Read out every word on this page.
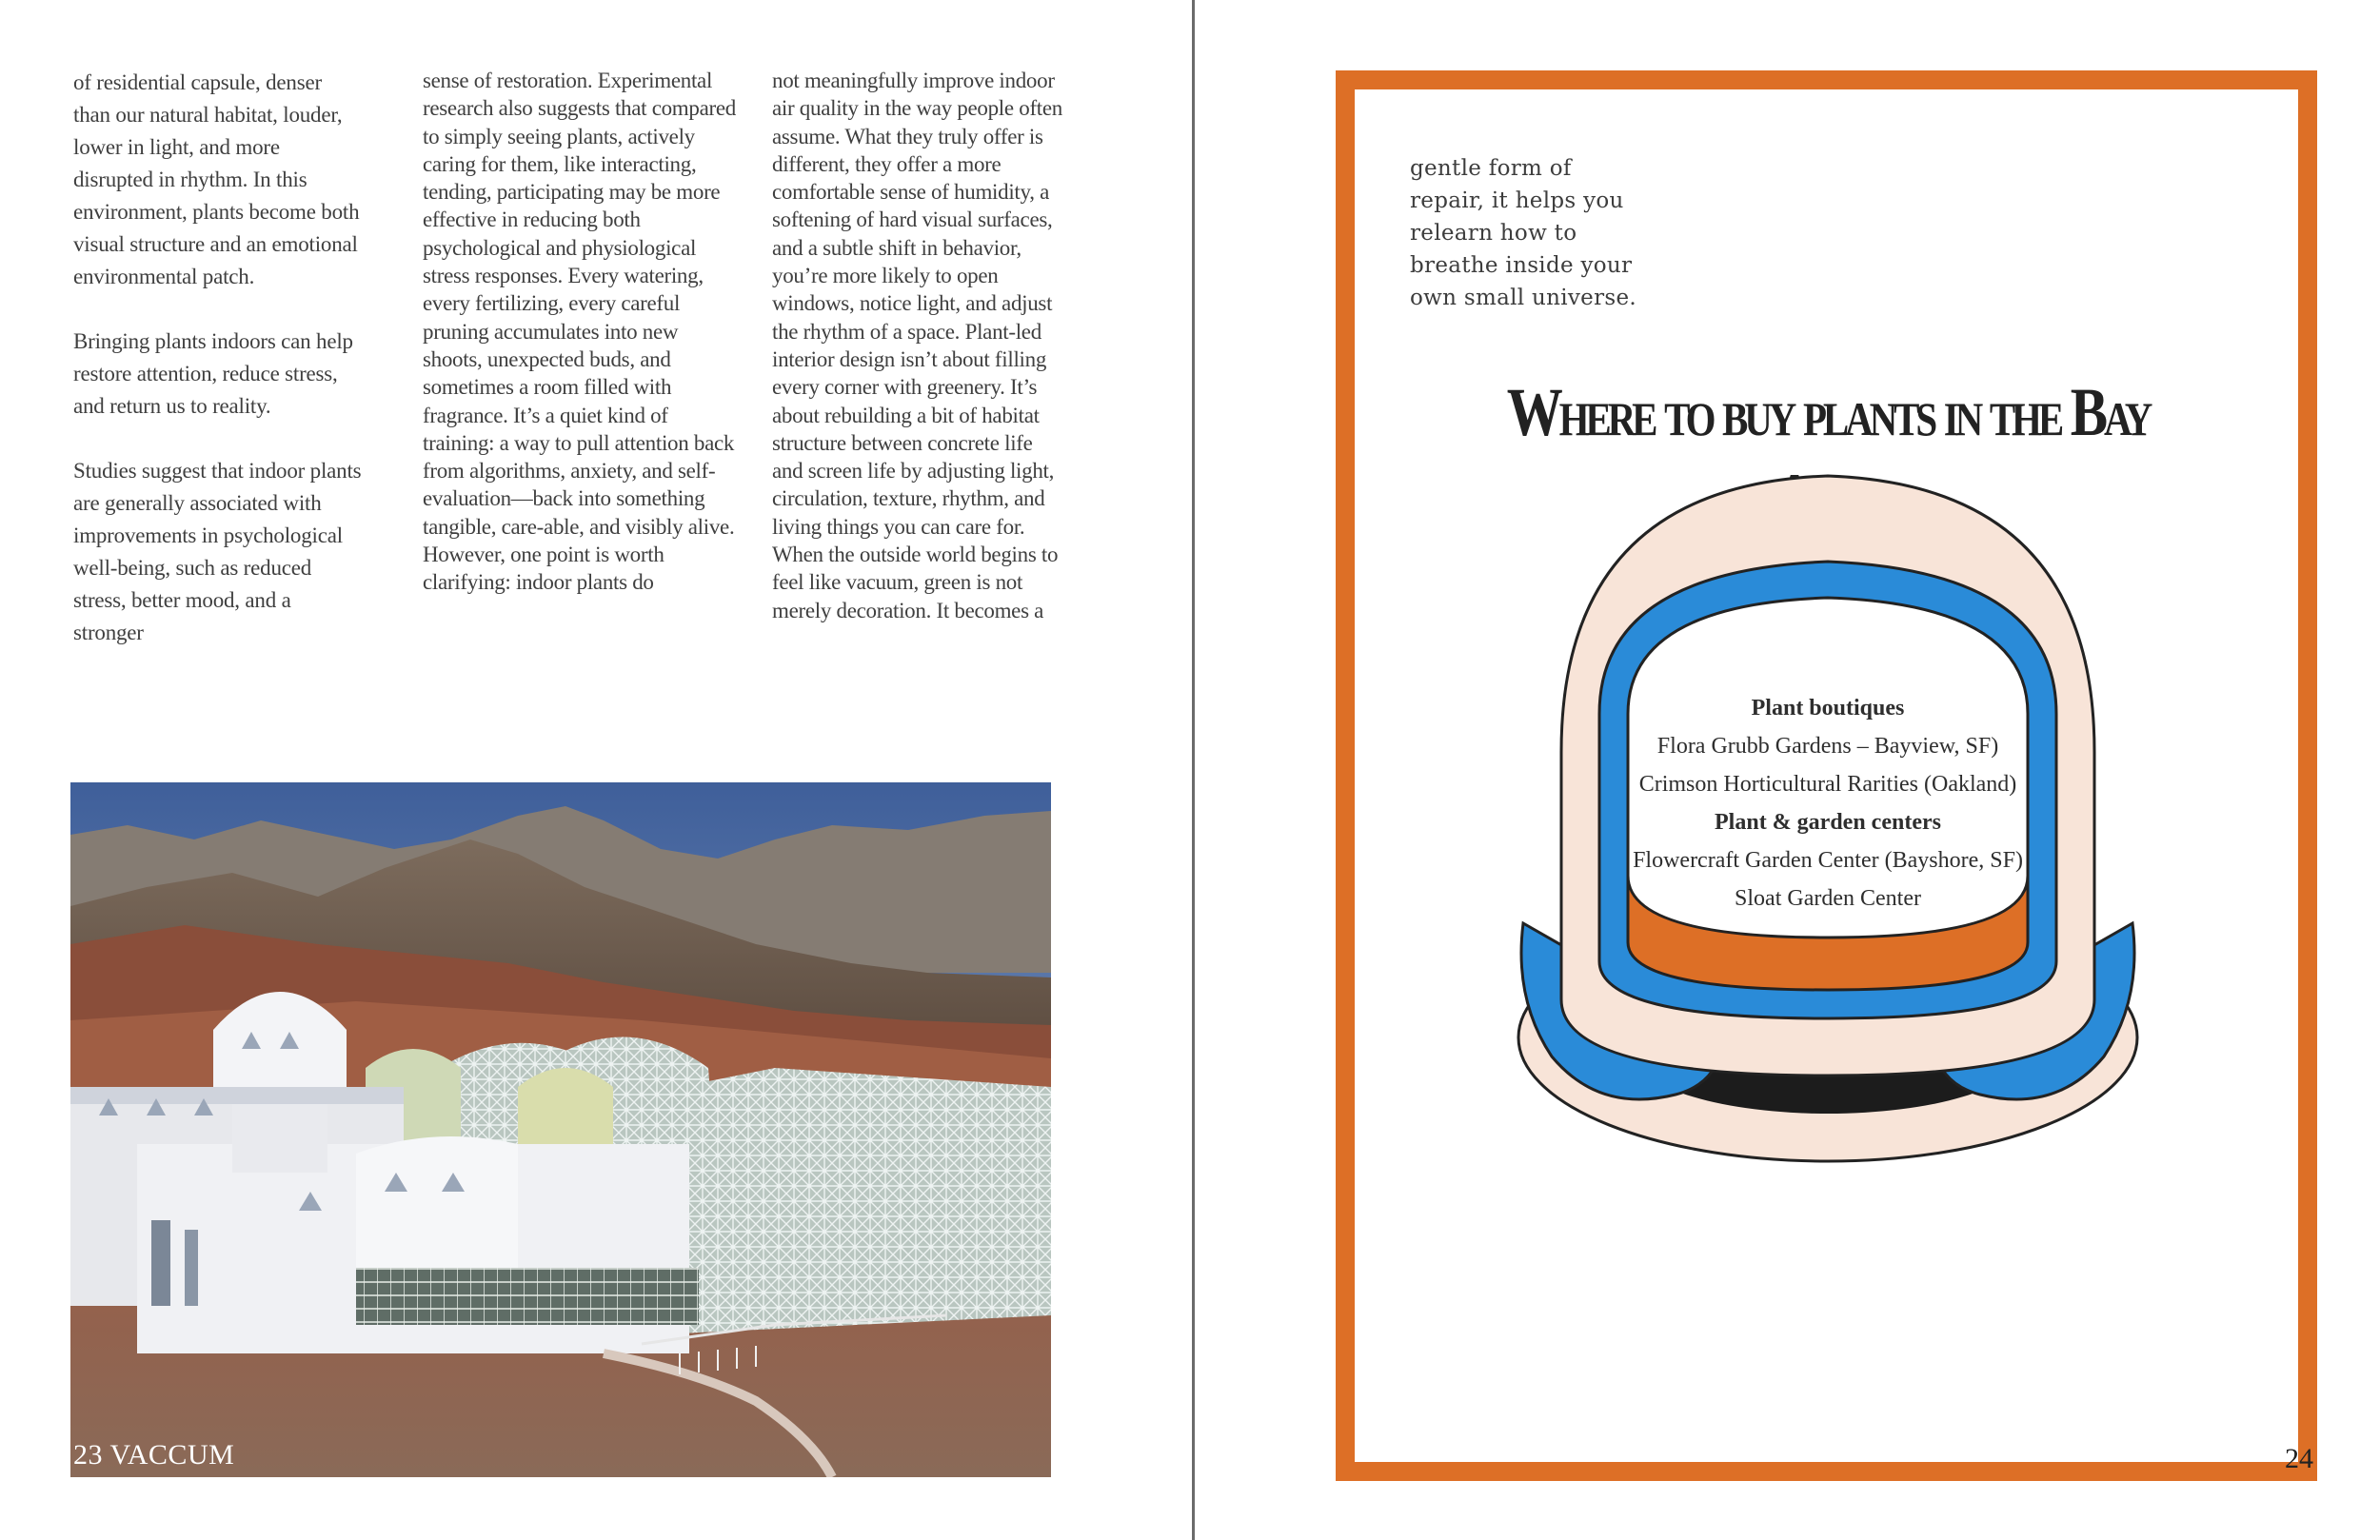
of residential capsule, denser than our natural habitat, louder, lower in light, and more disrupted in rhythm. In this environment, plants become both visual structure and an emotional environmental patch.

Bringing plants indoors can help restore attention, reduce stress, and return us to reality.

Studies suggest that indoor plants are generally associated with improvements in psychological well-being, such as reduced stress, better mood, and a stronger

sense of restoration. Experimental research also suggests that compared to simply seeing plants, actively caring for them, like interacting, tending, participating may be more effective in reducing both psychological and physiological stress responses. Every watering, every fertilizing, every careful pruning accumulates into new shoots, unexpected buds, and sometimes a room filled with fragrance. It’s a quiet kind of training: a way to pull attention back from algorithms, anxiety, and self-evaluation—back into something tangible, care-able, and visibly alive. However, one point is worth clarifying: indoor plants do

not meaningfully improve indoor air quality in the way people often assume. What they truly offer is different, they offer a more comfortable sense of humidity, a softening of hard visual surfaces, and a subtle shift in behavior, you’re more likely to open windows, notice light, and adjust the rhythm of a space. Plant-led interior design isn’t about filling every corner with greenery. It’s about rebuilding a bit of habitat structure between concrete life and screen life by adjusting light, circulation, texture, rhythm, and living things you can care for. When the outside world begins to feel like vacuum, green is not merely decoration. It becomes a

23 VACCUM

gentle form of

repair, it helps you

relearn how to

breathe inside your

own small universe.

Where to buy plants in the Bay
Plant boutiques
Flora Grubb Gardens – Bayview, SF)
Crimson Horticultural Rarities (Oakland)
Plant & garden centers
Flowercraft Garden Center (Bayshore, SF)
Sloat Garden Center
24
